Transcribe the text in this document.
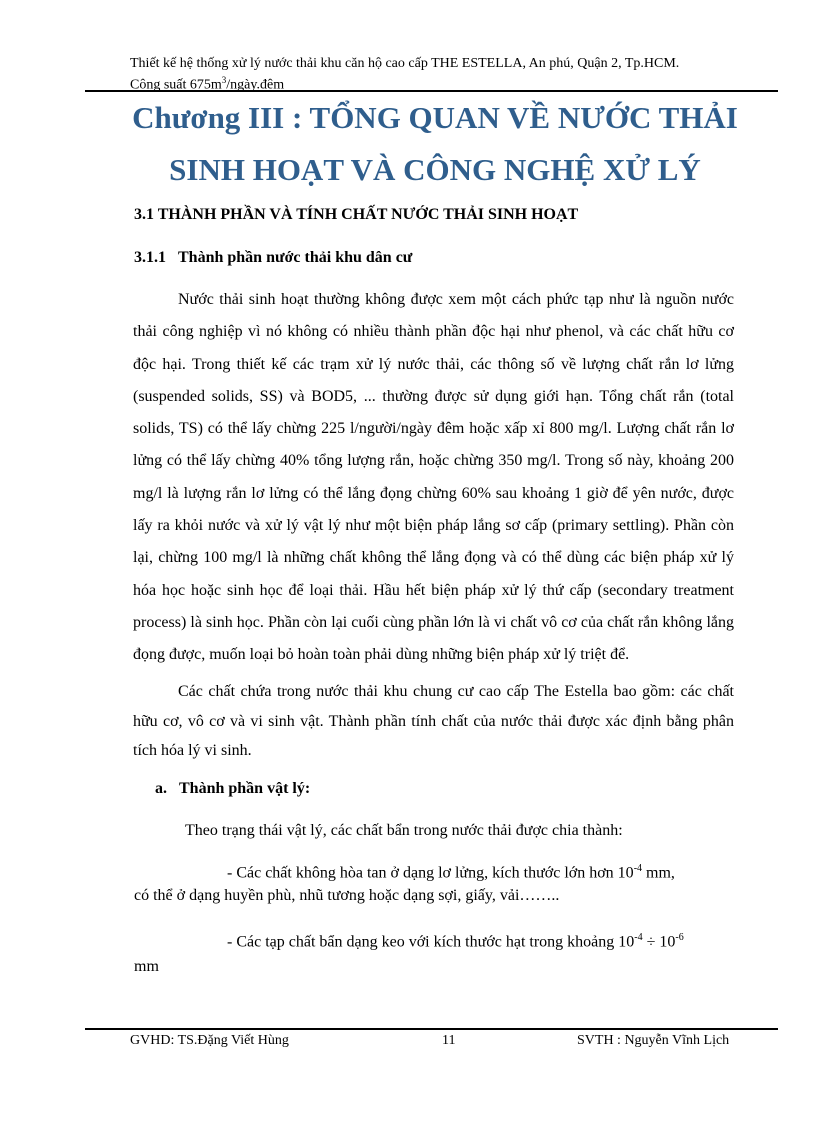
Thiết kế hệ thống xử lý nước thải khu căn hộ cao cấp THE ESTELLA, An phú, Quận 2, Tp.HCM.
Công suất $675m^3/ngày.đêm$
Chương III : TỔNG QUAN VỀ NƯỚC THẢI
SINH HOẠT VÀ CÔNG NGHỆ XỬ LÝ
3.1 THÀNH PHẦN VÀ TÍNH CHẤT NƯỚC THẢI SINH HOẠT
3.1.1 Thành phần nước thải khu dân cư
Nước thải sinh hoạt thường không được xem một cách phức tạp như là nguồn nước thải công nghiệp vì nó không có nhiều thành phần độc hại như phenol, và các chất hữu cơ độc hại. Trong thiết kế các trạm xử lý nước thải, các thông số về lượng chất rắn lơ lửng (suspended solids, SS) và BOD5, ... thường được sử dụng giới hạn. Tổng chất rắn (total solids, TS) có thể lấy chừng 225 l/người/ngày đêm hoặc xấp xỉ 800 mg/l. Lượng chất rắn lơ lửng có thể lấy chừng 40% tổng lượng rắn, hoặc chừng 350 mg/l. Trong số này, khoảng 200 mg/l là lượng rắn lơ lửng có thể lắng đọng chừng 60% sau khoảng 1 giờ để yên nước, được lấy ra khỏi nước và xử lý vật lý như một biện pháp lắng sơ cấp (primary settling). Phần còn lại, chừng 100 mg/l là những chất không thể lắng đọng và có thể dùng các biện pháp xử lý hóa học hoặc sinh học để loại thải. Hầu hết biện pháp xử lý thứ cấp (secondary treatment process) là sinh học. Phần còn lại cuối cùng phần lớn là vi chất vô cơ của chất rắn không lắng đọng được, muốn loại bỏ hoàn toàn phải dùng những biện pháp xử lý triệt để.
Các chất chứa trong nước thải khu chung cư cao cấp The Estella bao gồm: các chất hữu cơ, vô cơ và vi sinh vật. Thành phần tính chất của nước thải được xác định bằng phân tích hóa lý vi sinh.
a. Thành phần vật lý:
Theo trạng thái vật lý, các chất bẩn trong nước thải được chia thành:
- Các chất không hòa tan ở dạng lơ lửng, kích thước lớn hơn $10^{-4}$ mm,
có thể ở dạng huyền phù, nhũ tương hoặc dạng sợi, giấy, vải……..
- Các tạp chất bẩn dạng keo với kích thước hạt trong khoảng $10^{-4} \div 10^{-6}$
mm
GVHD: TS.Đặng Viết Hùng	11	SVTH : Nguyễn Vĩnh Lịch
